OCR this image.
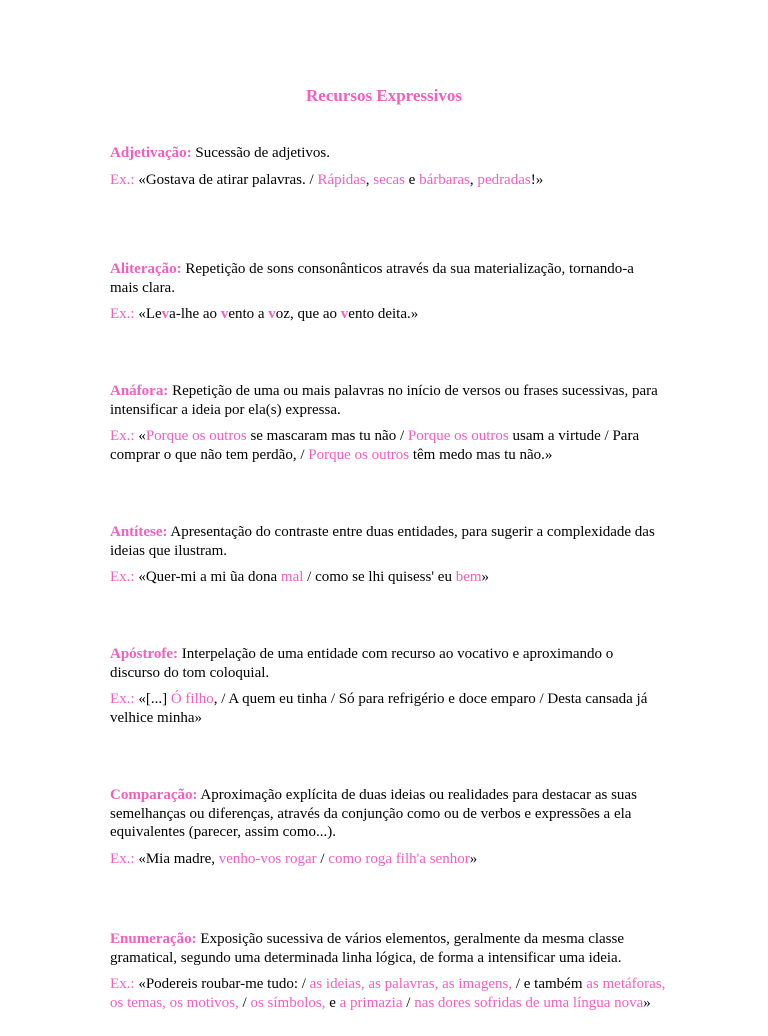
Recursos Expressivos

Adjetivação: Sucessão de adjetivos.

Ex.: «Gostava de atirar palavras. / Rápidas, secas e bárbaras, pedradas!»

Aliteração: Repetição de sons consonânticos através da sua materialização, tornando-a mais clara.

Ex.: «Leva-lhe ao vento a voz, que ao vento deita.»

Anáfora: Repetição de uma ou mais palavras no início de versos ou frases sucessivas, para intensificar a ideia por ela(s) expressa.

Ex.: «Porque os outros se mascaram mas tu não / Porque os outros usam a virtude / Para comprar o que não tem perdão, / Porque os outros têm medo mas tu não.»

Antítese: Apresentação do contraste entre duas entidades, para sugerir a complexidade das ideias que ilustram.

Ex.: «Quer-mi a mi ũa dona mal / como se lhi quisess' eu bem»

Apóstrofe: Interpelação de uma entidade com recurso ao vocativo e aproximando o discurso do tom coloquial.

Ex.: «[...] Ó filho, / A quem eu tinha / Só para refrigério e doce emparo / Desta cansada já velhice minha»

Comparação: Aproximação explícita de duas ideias ou realidades para destacar as suas semelhanças ou diferenças, através da conjunção como ou de verbos e expressões a ela equivalentes (parecer, assim como...).

Ex.: «Mia madre, venho-vos rogar / como roga filh'a senhor»

Enumeração: Exposição sucessiva de vários elementos, geralmente da mesma classe gramatical, segundo uma determinada linha lógica, de forma a intensificar uma ideia.

Ex.: «Podereis roubar-me tudo: / as ideias, as palavras, as imagens, / e também as metáforas, os temas, os motivos, / os símbolos, e a primazia / nas dores sofridas de uma língua nova»
